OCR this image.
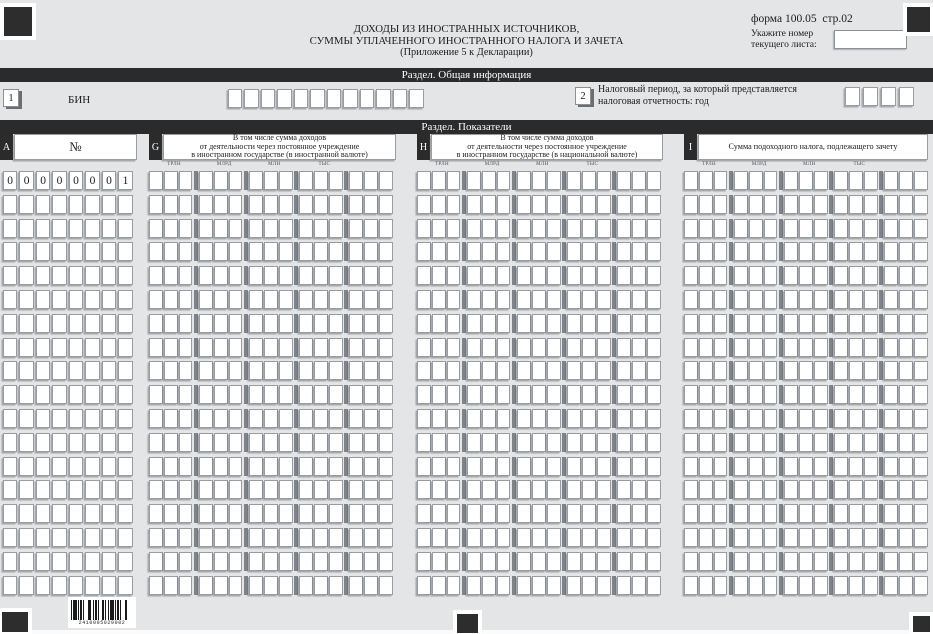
ДОХОДЫ ИЗ ИНОСТРАННЫХ ИСТОЧНИКОВ,
СУММЫ УПЛАЧЕННОГО ИНОСТРАННОГО НАЛОГА И ЗАЧЕТА
(Приложение 5 к Декларации)
форма 100.05 стр.02
Укажите номер
текущего листа:
Раздел. Общая информация
1	БИН	2
Налоговый период, за который представляется
налоговая отчетность: год
Раздел. Показатели
A	№	G
В том числе сумма доходов
от деятельности через постоянное учреждение
в иностранном государстве (в иностранной валюте)
H
В том числе сумма доходов
от деятельности через постоянное учреждение
в иностранном государстве (в национальной валюте)
I	Сумма подоходного налога, подлежащего зачету
0 0 0 0 0 0 0 1
2410005020002
ТРЛН	МЛРД	МЛН	ТЫС	ТРЛН	МЛРД	МЛН	ТЫС	ТРЛН	МЛРД	МЛН	ТЫС
